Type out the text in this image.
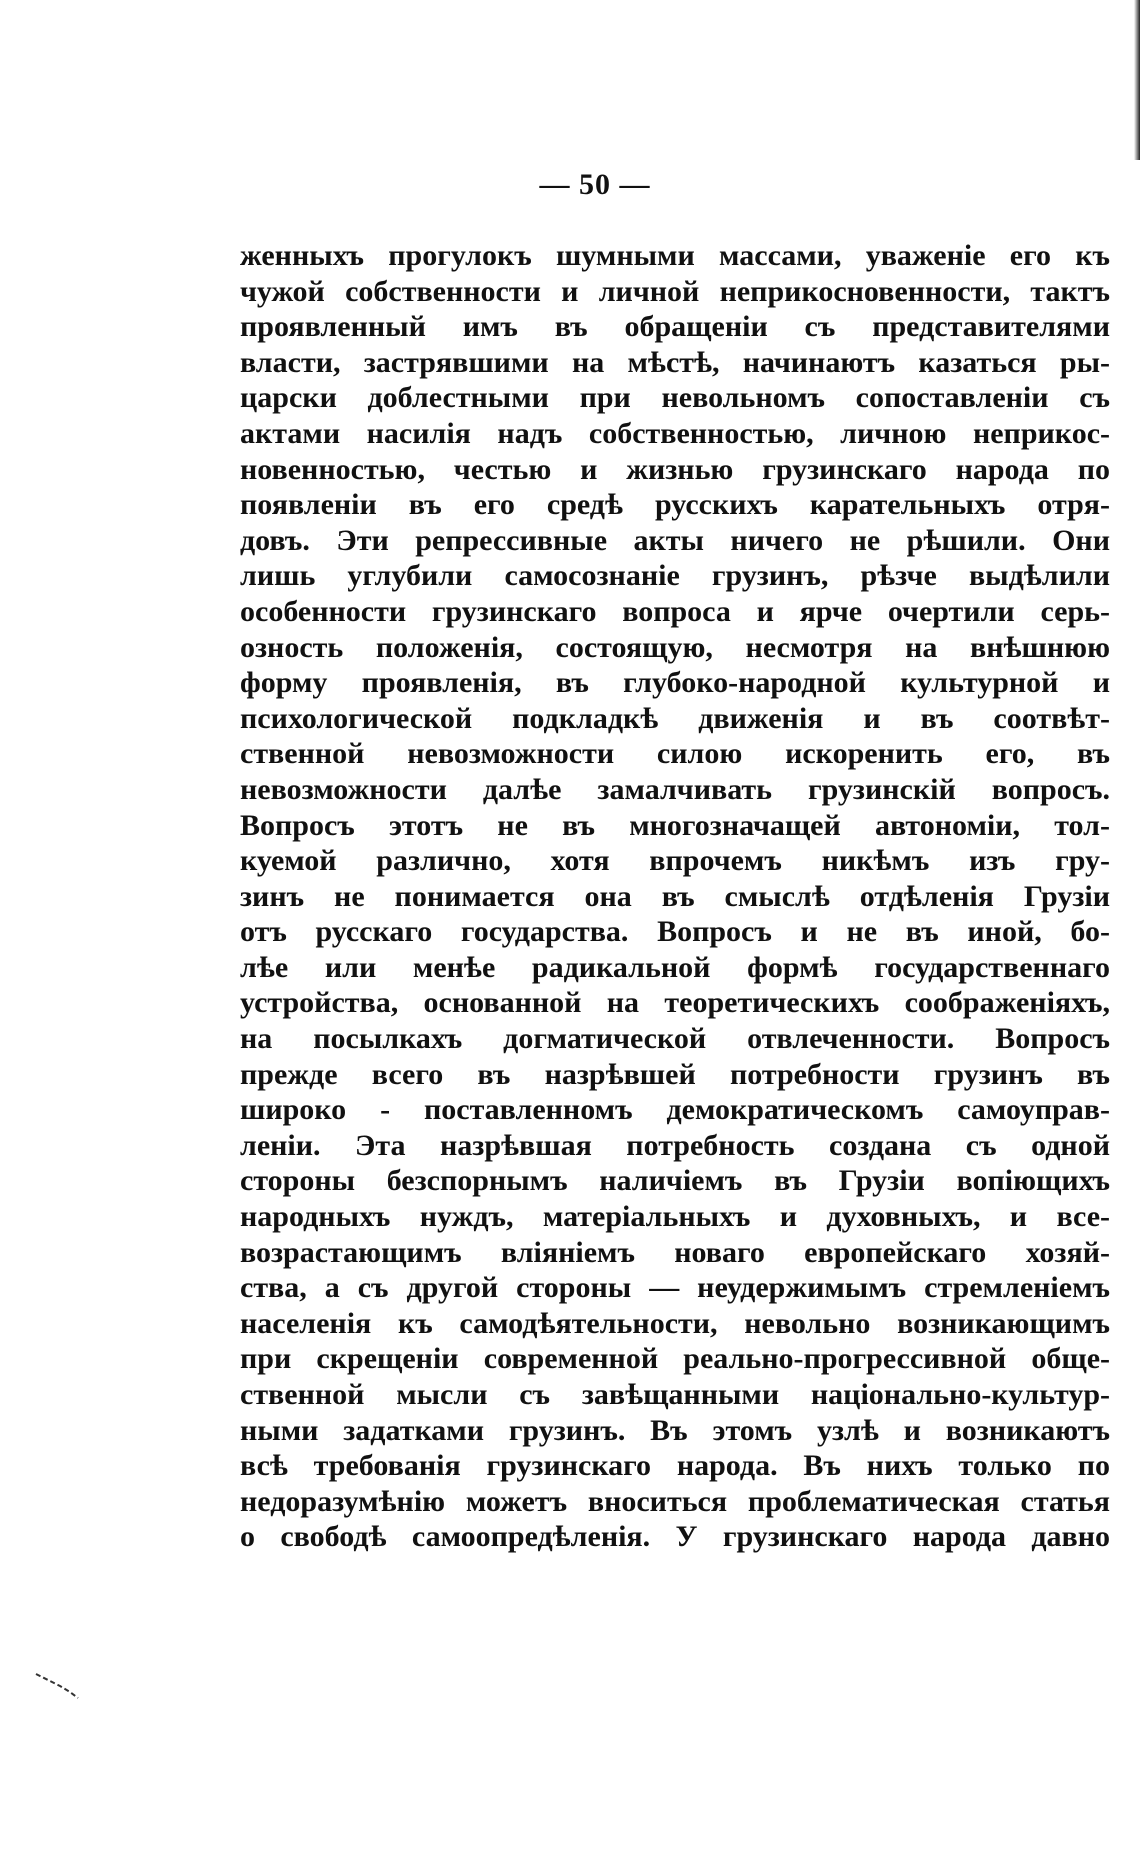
— 50 —
женныхъ прогулокъ шумными массами, уваженіе его къ
чужой собственности и личной неприкосновенности, тактъ
проявленный имъ въ обращеніи съ представителями
власти, застрявшими на мѣстѣ, начинаютъ казаться ры-
царски доблестными при невольномъ сопоставленіи съ
актами насилія надъ собственностью, личною неприкос-
новенностью, честью и жизнью грузинскаго народа по
появленіи въ его средѣ русскихъ карательныхъ отря-
довъ. Эти репрессивные акты ничего не рѣшили. Они
лишь углубили самосознаніе грузинъ, рѣзче выдѣлили
особенности грузинскаго вопроса и ярче очертили серь-
озность положенія, состоящую, несмотря на внѣшнюю
форму проявленія, въ глубоко-народной культурной и
психологической подкладкѣ движенія и въ соотвѣт-
ственной невозможности силою искоренить его, въ
невозможности далѣе замалчивать грузинскій вопросъ.
Вопросъ этотъ не въ многозначащей автономіи, тол-
куемой различно, хотя впрочемъ никѣмъ изъ гру-
зинъ не понимается она въ смыслѣ отдѣленія Грузіи
отъ русскаго государства. Вопросъ и не въ иной, бо-
лѣе или менѣе радикальной формѣ государственнаго
устройства, основанной на теоретическихъ соображеніяхъ,
на посылкахъ догматической отвлеченности. Вопросъ
прежде всего въ назрѣвшей потребности грузинъ въ
широко - поставленномъ демократическомъ самоуправ-
леніи. Эта назрѣвшая потребность создана съ одной
стороны безспорнымъ наличіемъ въ Грузіи вопіющихъ
народныхъ нуждъ, матеріальныхъ и духовныхъ, и все-
возрастающимъ вліяніемъ новаго европейскаго хозяй-
ства, а съ другой стороны — неудержимымъ стремленіемъ
населенія къ самодѣятельности, невольно возникающимъ
при скрещеніи современной реально-прогрессивной обще-
ственной мысли съ завѣщанными національно-культур-
ными задатками грузинъ. Въ этомъ узлѣ и возникаютъ
всѣ требованія грузинскаго народа. Въ нихъ только по
недоразумѣнію можетъ вноситься проблематическая статья
о свободѣ самоопредѣленія. У грузинскаго народа давно
